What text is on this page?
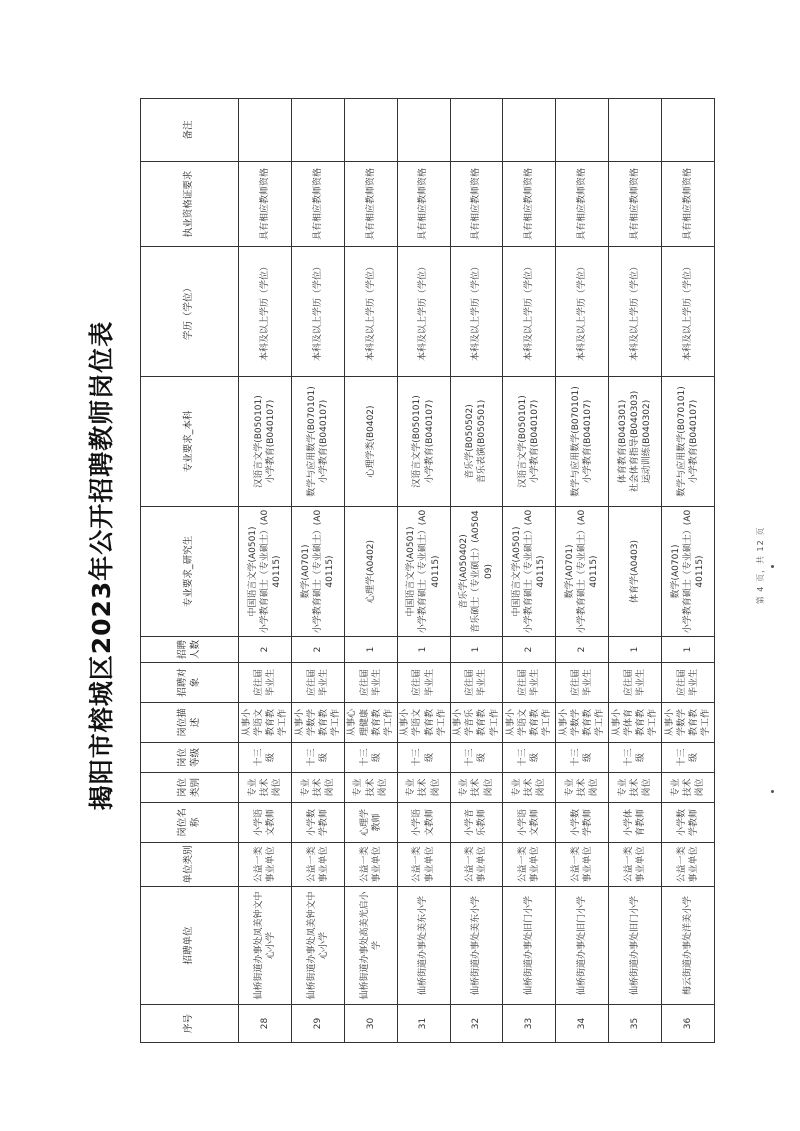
揭阳市榕城区2023年公开招聘教师岗位表
序号	招聘单位	单位类别	岗位名称	岗位类别	岗位等级	岗位描述	招聘对象	招聘人数	专业要求_研究生	专业要求_本科	学历（学位）	执业资格证要求	备注
28	仙桥街道办事处凤美钟文中心小学	公益一类事业单位	小学语文教师	专业技术岗位	十三级	从事小学语文教育教学工作	应往届毕业生	2	中国语言文学(A0501)
小学教育硕士（专业硕士）(A040115)	汉语言文学(B050101)
小学教育(B040107)	本科及以上学历（学位）	具有相应教师资格	
29	仙桥街道办事处凤美钟文中心小学	公益一类事业单位	小学数学教师	专业技术岗位	十三级	从事小学数学教育教学工作	应往届毕业生	2	数学(A0701)
小学教育硕士（专业硕士）(A040115)	数学与应用数学(B070101)
小学教育(B040107)	本科及以上学历（学位）	具有相应教师资格	
30	仙桥街道办事处高美光启小学	公益一类事业单位	心理学教师	专业技术岗位	十三级	从事心理健康教育教学工作	应往届毕业生	1	心理学(A0402)	心理学类(B0402)	本科及以上学历（学位）	具有相应教师资格	
31	仙桥街道办事处美东小学	公益一类事业单位	小学语文教师	专业技术岗位	十三级	从事小学语文教育教学工作	应往届毕业生	1	中国语言文学(A0501)
小学教育硕士（专业硕士）(A040115)	汉语言文学(B050101)
小学教育(B040107)	本科及以上学历（学位）	具有相应教师资格	
32	仙桥街道办事处美东小学	公益一类事业单位	小学音乐教师	专业技术岗位	十三级	从事小学音乐教育教学工作	应往届毕业生	1	音乐学(A050402)
音乐硕士（专业硕士）(A050409)	音乐学(B050502)
音乐表演(B050501)	本科及以上学历（学位）	具有相应教师资格	
33	仙桥街道办事处旧门小学	公益一类事业单位	小学语文教师	专业技术岗位	十三级	从事小学语文教育教学工作	应往届毕业生	2	中国语言文学(A0501)
小学教育硕士（专业硕士）(A040115)	汉语言文学(B050101)
小学教育(B040107)	本科及以上学历（学位）	具有相应教师资格	
34	仙桥街道办事处旧门小学	公益一类事业单位	小学数学教师	专业技术岗位	十三级	从事小学数学教育教学工作	应往届毕业生	2	数学(A0701)
小学教育硕士（专业硕士）(A040115)	数学与应用数学(B070101)
小学教育(B040107)	本科及以上学历（学位）	具有相应教师资格	
35	仙桥街道办事处旧门小学	公益一类事业单位	小学体育教师	专业技术岗位	十三级	从事小学体育教育教学工作	应往届毕业生	1	体育学(A0403)	体育教育(B040301)
社会体育指导(B040303)
运动训练(B040302)	本科及以上学历（学位）	具有相应教师资格	
36	梅云街道办事处洋美小学	公益一类事业单位	小学数学教师	专业技术岗位	十三级	从事小学数学教育教学工作	应往届毕业生	1	数学(A0701)
小学教育硕士（专业硕士）(A040115)	数学与应用数学(B070101)
小学教育(B040107)	本科及以上学历（学位）	具有相应教师资格	
第 4 页，共 12 页
